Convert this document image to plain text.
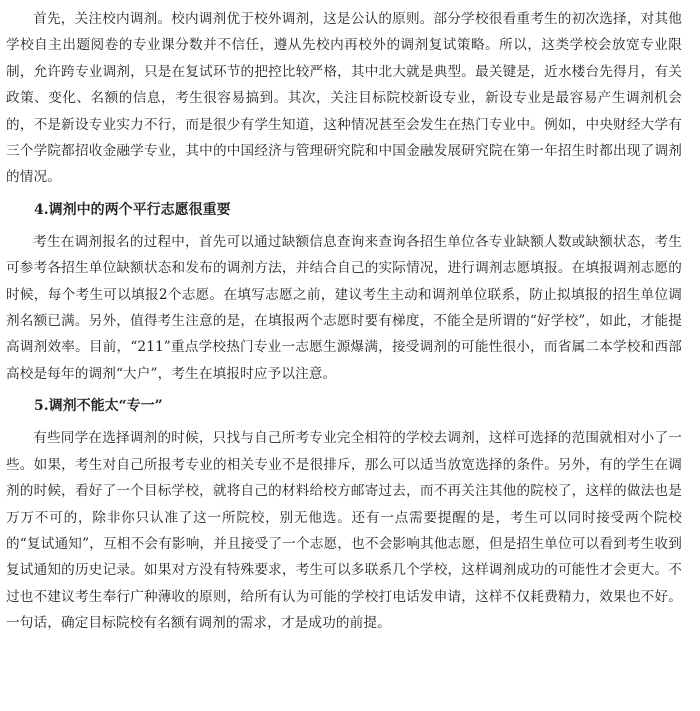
首先，关注校内调剂。校内调剂优于校外调剂，这是公认的原则。部分学校很看重考生的初次选择，对其他学校自主出题阅卷的专业课分数并不信任，遵从先校内再校外的调剂复试策略。所以，这类学校会放宽专业限制，允许跨专业调剂，只是在复试环节的把控比较严格，其中北大就是典型。最关键是，近水楼台先得月，有关政策、变化、名额的信息，考生很容易搞到。其次，关注目标院校新设专业，新设专业是最容易产生调剂机会的，不是新设专业实力不行，而是很少有学生知道，这种情况甚至会发生在热门专业中。例如，中央财经大学有三个学院都招收金融学专业，其中的中国经济与管理研究院和中国金融发展研究院在第一年招生时都出现了调剂的情况。

4.调剂中的两个平行志愿很重要

考生在调剂报名的过程中，首先可以通过缺额信息查询来查询各招生单位各专业缺额人数或缺额状态，考生可参考各招生单位缺额状态和发布的调剂方法，并结合自己的实际情况，进行调剂志愿填报。在填报调剂志愿的时候，每个考生可以填报2个志愿。在填写志愿之前，建议考生主动和调剂单位联系，防止拟填报的招生单位调剂名额已满。另外，值得考生注意的是，在填报两个志愿时要有梯度，不能全是所谓的“好学校”，如此，才能提高调剂效率。目前，“211”重点学校热门专业一志愿生源爆满，接受调剂的可能性很小，而省属二本学校和西部高校是每年的调剂“大户”，考生在填报时应予以注意。

5.调剂不能太“专一”

有些同学在选择调剂的时候，只找与自己所考专业完全相符的学校去调剂，这样可选择的范围就相对小了一些。如果，考生对自己所报考专业的相关专业不是很排斥，那么可以适当放宽选择的条件。另外，有的学生在调剂的时候，看好了一个目标学校，就将自己的材料给校方邮寄过去，而不再关注其他的院校了，这样的做法也是万万不可的，除非你只认准了这一所院校，别无他选。还有一点需要提醒的是，考生可以同时接受两个院校的“复试通知”，互相不会有影响，并且接受了一个志愿，也不会影响其他志愿，但是招生单位可以看到考生收到复试通知的历史记录。如果对方没有特殊要求，考生可以多联系几个学校，这样调剂成功的可能性才会更大。不过也不建议考生奉行广种薄收的原则，给所有认为可能的学校打电话发申请，这样不仅耗费精力，效果也不好。一句话，确定目标院校有名额有调剂的需求，才是成功的前提。
